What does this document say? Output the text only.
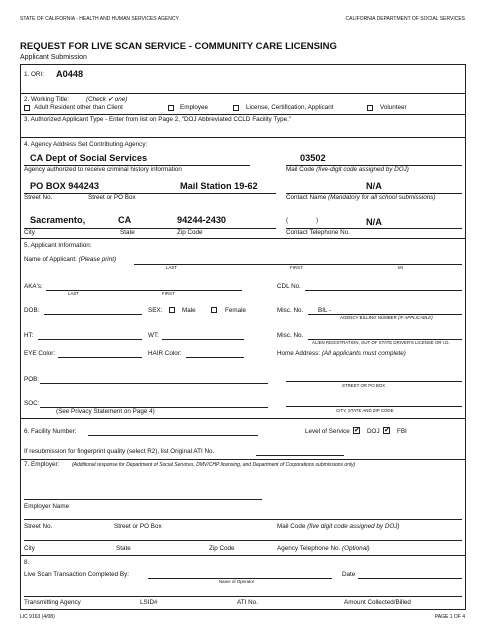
STATE OF CALIFORNIA - HEALTH AND HUMAN SERVICES AGENCY	CALIFORNIA DEPARTMENT OF SOCIAL SERVICES
REQUEST FOR LIVE SCAN SERVICE - COMMUNITY CARE LICENSING
Applicant Submission
1. ORI: A0448
2. Working Title:	(Check ✔ one)
Adult Resident other than Client	Employee	License, Certification, Applicant	Volunteer
3. Authorized Applicant Type - Enter from list on Page 2, "DOJ Abbreviated CCLD Facility Type."
4. Agency Address Set Contributing Agency:
CA Dept of Social Services	03502
Agency authorized to receive criminal history information	Mail Code (five-digit code assigned by DOJ)
PO BOX 944243	Mail Station 19-62	N/A
Street No.	Street or PO Box	Contact Name (Mandatory for all school submissions)
Sacramento,	CA	94244-2430	(	)	N/A
City	State	Zip Code	Contact Telephone No.
5. Applicant Information:
Name of Applicant: (Please print)
LAST	FIRST	MI
AKA's:
LAST	FIRST
CDL No.
DOB:	SEX:	Male	Female	Misc. No. BIL -
AGENCY BILLING NUMBER (IF APPLICABLE)
HT:	WT:	Misc. No.
ALIEN REGISTRATION, OUT OF STATE DRIVER'S LICENSE OR I.D.
EYE Color:	HAIR Color:	Home Address: (All applicants must complete)
POB:
STREET OR PO BOX
SOC:
(See Privacy Statement on Page 4)	CITY, STATE AND ZIP CODE
6. Facility Number:	Level of Service ✔ DOJ ✔ FBI
If resubmission for fingerprint quality (select R2), list Original ATI No.
7. Employer:	(Additional response for Department of Social Services, DMV/CHP licensing, and Department of Corporations submissions only)
Employer Name
Street No.	Street or PO Box	Mail Code (five digit code assigned by DOJ)
City	State	Zip Code	Agency Telephone No. (Optional)
8.
Live Scan Transaction Completed By:
Name of Operator
Date
Transmitting Agency	LSID#	ATI No.	Amount Collected/Billed
LIC 9163 (4/08)	PAGE 1 OF 4
